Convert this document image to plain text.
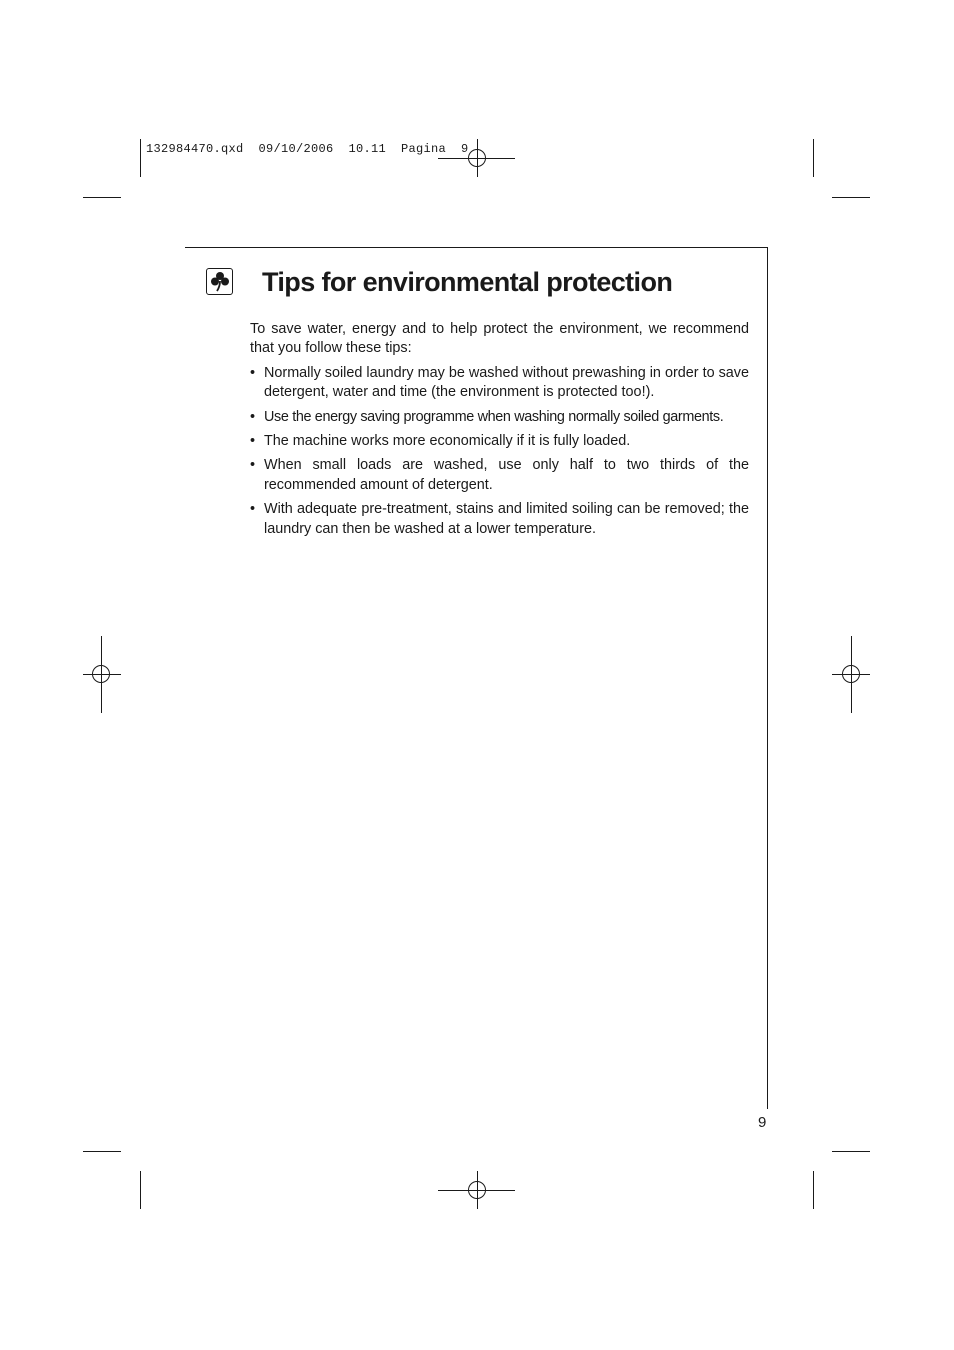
132984470.qxd  09/10/2006  10.11  Pagina  9
Tips for environmental protection

To save water, energy and to help protect the environment, we recommend that you follow these tips:

• Normally soiled laundry may be washed without prewashing in order to save detergent, water and time (the environment is protected too!).
• Use the energy saving programme when washing normally soiled garments.
• The machine works more economically if it is fully loaded.
• When small loads are washed, use only half to two thirds of the recommended amount of detergent.
• With adequate pre-treatment, stains and limited soiling can be removed; the laundry can then be washed at a lower temperature.
9
